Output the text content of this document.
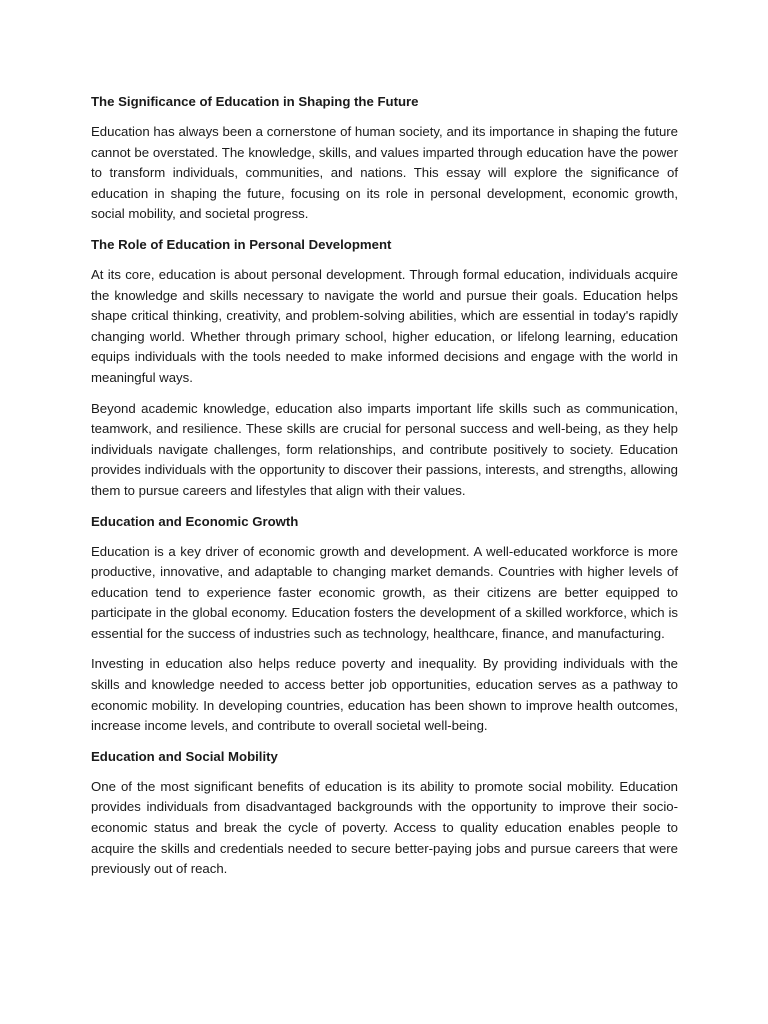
The Significance of Education in Shaping the Future

Education has always been a cornerstone of human society, and its importance in shaping the future cannot be overstated. The knowledge, skills, and values imparted through education have the power to transform individuals, communities, and nations. This essay will explore the significance of education in shaping the future, focusing on its role in personal development, economic growth, social mobility, and societal progress.

The Role of Education in Personal Development

At its core, education is about personal development. Through formal education, individuals acquire the knowledge and skills necessary to navigate the world and pursue their goals. Education helps shape critical thinking, creativity, and problem-solving abilities, which are essential in today's rapidly changing world. Whether through primary school, higher education, or lifelong learning, education equips individuals with the tools needed to make informed decisions and engage with the world in meaningful ways.

Beyond academic knowledge, education also imparts important life skills such as communication, teamwork, and resilience. These skills are crucial for personal success and well-being, as they help individuals navigate challenges, form relationships, and contribute positively to society. Education provides individuals with the opportunity to discover their passions, interests, and strengths, allowing them to pursue careers and lifestyles that align with their values.

Education and Economic Growth

Education is a key driver of economic growth and development. A well-educated workforce is more productive, innovative, and adaptable to changing market demands. Countries with higher levels of education tend to experience faster economic growth, as their citizens are better equipped to participate in the global economy. Education fosters the development of a skilled workforce, which is essential for the success of industries such as technology, healthcare, finance, and manufacturing.

Investing in education also helps reduce poverty and inequality. By providing individuals with the skills and knowledge needed to access better job opportunities, education serves as a pathway to economic mobility. In developing countries, education has been shown to improve health outcomes, increase income levels, and contribute to overall societal well-being.

Education and Social Mobility

One of the most significant benefits of education is its ability to promote social mobility. Education provides individuals from disadvantaged backgrounds with the opportunity to improve their socio-economic status and break the cycle of poverty. Access to quality education enables people to acquire the skills and credentials needed to secure better-paying jobs and pursue careers that were previously out of reach.
